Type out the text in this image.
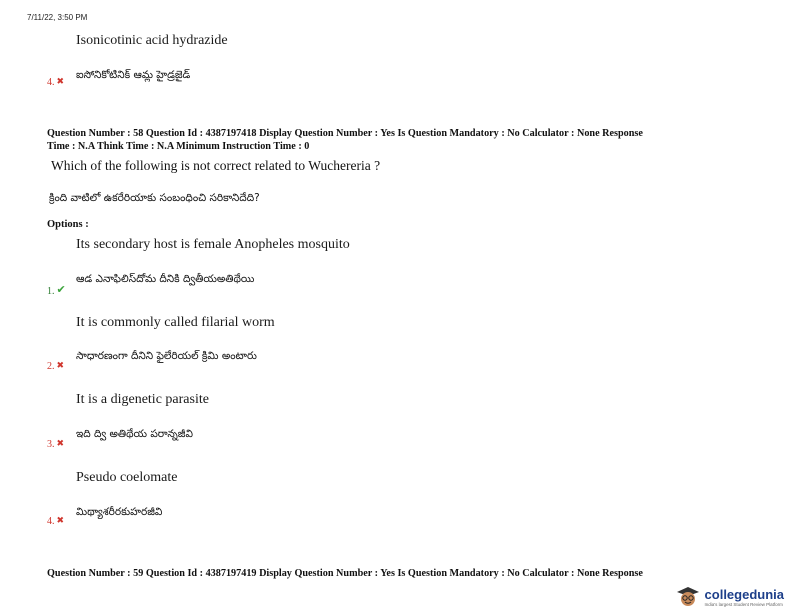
7/11/22, 3:50 PM
Isonicotinic acid hydrazide
4. ✖ ఐసోనికోటినిక్ ఆమ్ల హైడ్రజైడ్
Question Number : 58 Question Id : 4387197418 Display Question Number : Yes Is Question Mandatory : No Calculator : None Response
Time : N.A Think Time : N.A Minimum Instruction Time : 0
Which of the following is not correct related to Wuchereria ?
క్రింది వాటిలో ఉకరేరియాకు సంబంధించి సరికానిదేది?
Options :
Its secondary host is female Anopheles mosquito
ఆడ ఎనాఫిలిస్‌దోమ దీనికి ద్వితీయఅతిథేయి
1. ✔
It is commonly called filarial worm
సాధారణంగా దీనిని ఫైలేరియల్ క్రిమి అంటారు
2. ✖
It is a digenetic parasite
ఇది ద్వి అతిథేయ పరాన్నజీవి
3. ✖
Pseudo coelomate
మిథ్యాశరీరకుహరజీవి
4. ✖
Question Number : 59 Question Id : 4387197419 Display Question Number : Yes Is Question Mandatory : No Calculator : None Response
collegedunia
India's largest Student Review Platform
